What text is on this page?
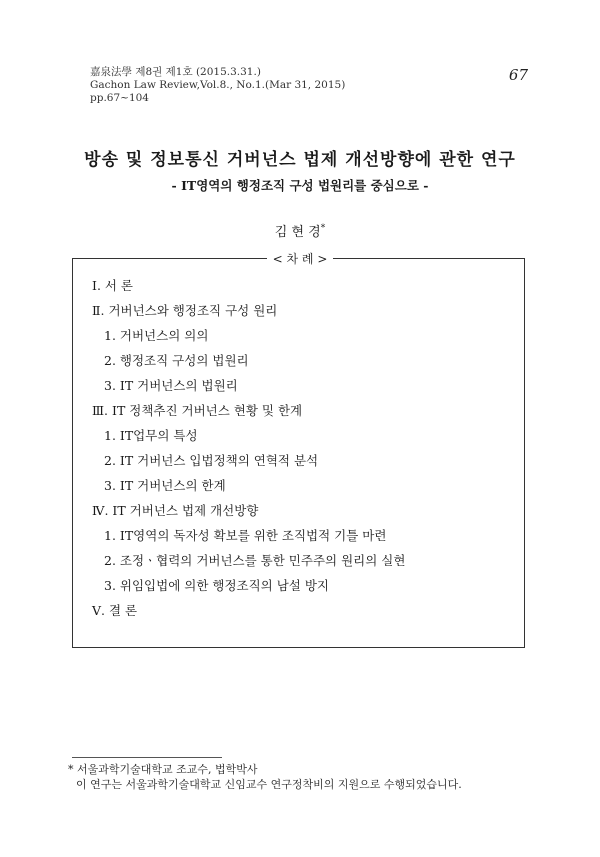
嘉泉法學 제8권 제1호 (2015.3.31.)
Gachon Law Review,Vol.8., No.1.(Mar 31, 2015)
pp.67~104
67
방송 및 정보통신 거버넌스 법제 개선방향에 관한 연구
- IT영역의 행정조직 구성 법원리를 중심으로 -
김 현 경*
< 차 례 >
Ⅰ. 서 론
Ⅱ. 거버넌스와 행정조직 구성 원리
1. 거버넌스의 의의
2. 행정조직 구성의 법원리
3. IT 거버넌스의 법원리
Ⅲ. IT 정책추진 거버넌스 현황 및 한계
1. IT업무의 특성
2. IT 거버넌스 입법정책의 연혁적 분석
3. IT 거버넌스의 한계
Ⅳ. IT 거버넌스 법제 개선방향
1. IT영역의 독자성 확보를 위한 조직법적 기틀 마련
2. 조정ㆍ협력의 거버넌스를 통한 민주주의 원리의 실현
3. 위임입법에 의한 행정조직의 남설 방지
Ⅴ. 결 론
* 서울과학기술대학교 조교수, 법학박사
이 연구는 서울과학기술대학교 신임교수 연구정착비의 지원으로 수행되었습니다.
